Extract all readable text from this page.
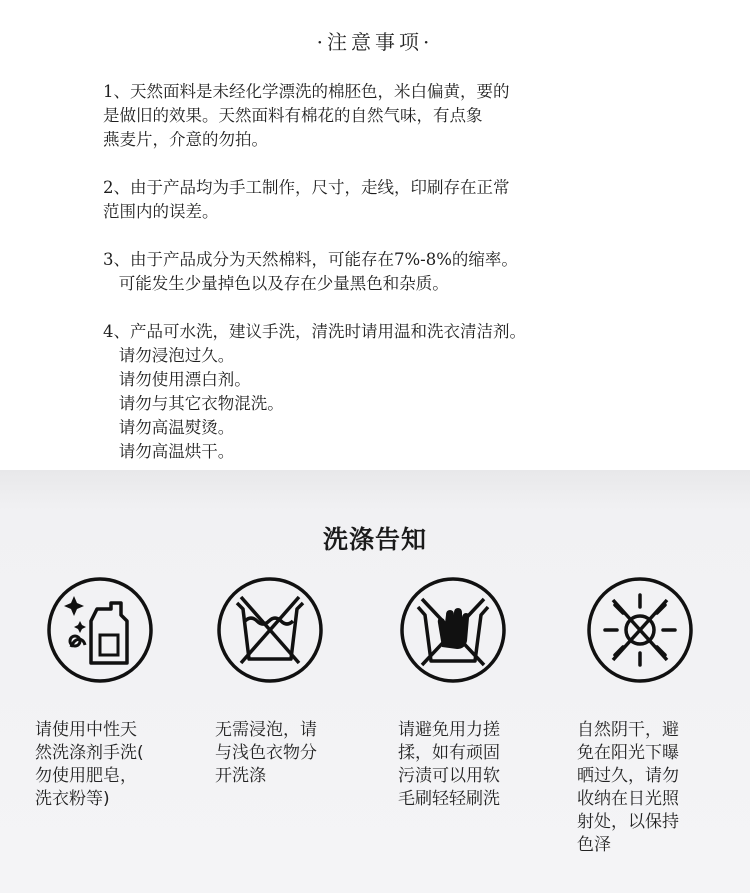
·注意事项·

1、天然面料是未经化学漂洗的棉胚色，米白偏黄，要的

是做旧的效果。天然面料有棉花的自然气味，有点象

燕麦片，介意的勿拍。

2、由于产品均为手工制作，尺寸，走线，印刷存在正常

范围内的误差。

3、由于产品成分为天然棉料，可能存在7%-8%的缩率。

可能发生少量掉色以及存在少量黑色和杂质。

4、产品可水洗，建议手洗，清洗时请用温和洗衣清洁剂。

请勿浸泡过久。

请勿使用漂白剂。

请勿与其它衣物混洗。

请勿高温熨烫。

请勿高温烘干。

洗涤告知
请使用中性天
然洗涤剂手洗(
勿使用肥皂，
洗衣粉等)
无需浸泡，请
与浅色衣物分
开洗涤
请避免用力搓
揉，如有顽固
污渍可以用软
毛刷轻轻刷洗
自然阴干，避
免在阳光下曝
晒过久，请勿
收纳在日光照
射处，以保持
色泽
